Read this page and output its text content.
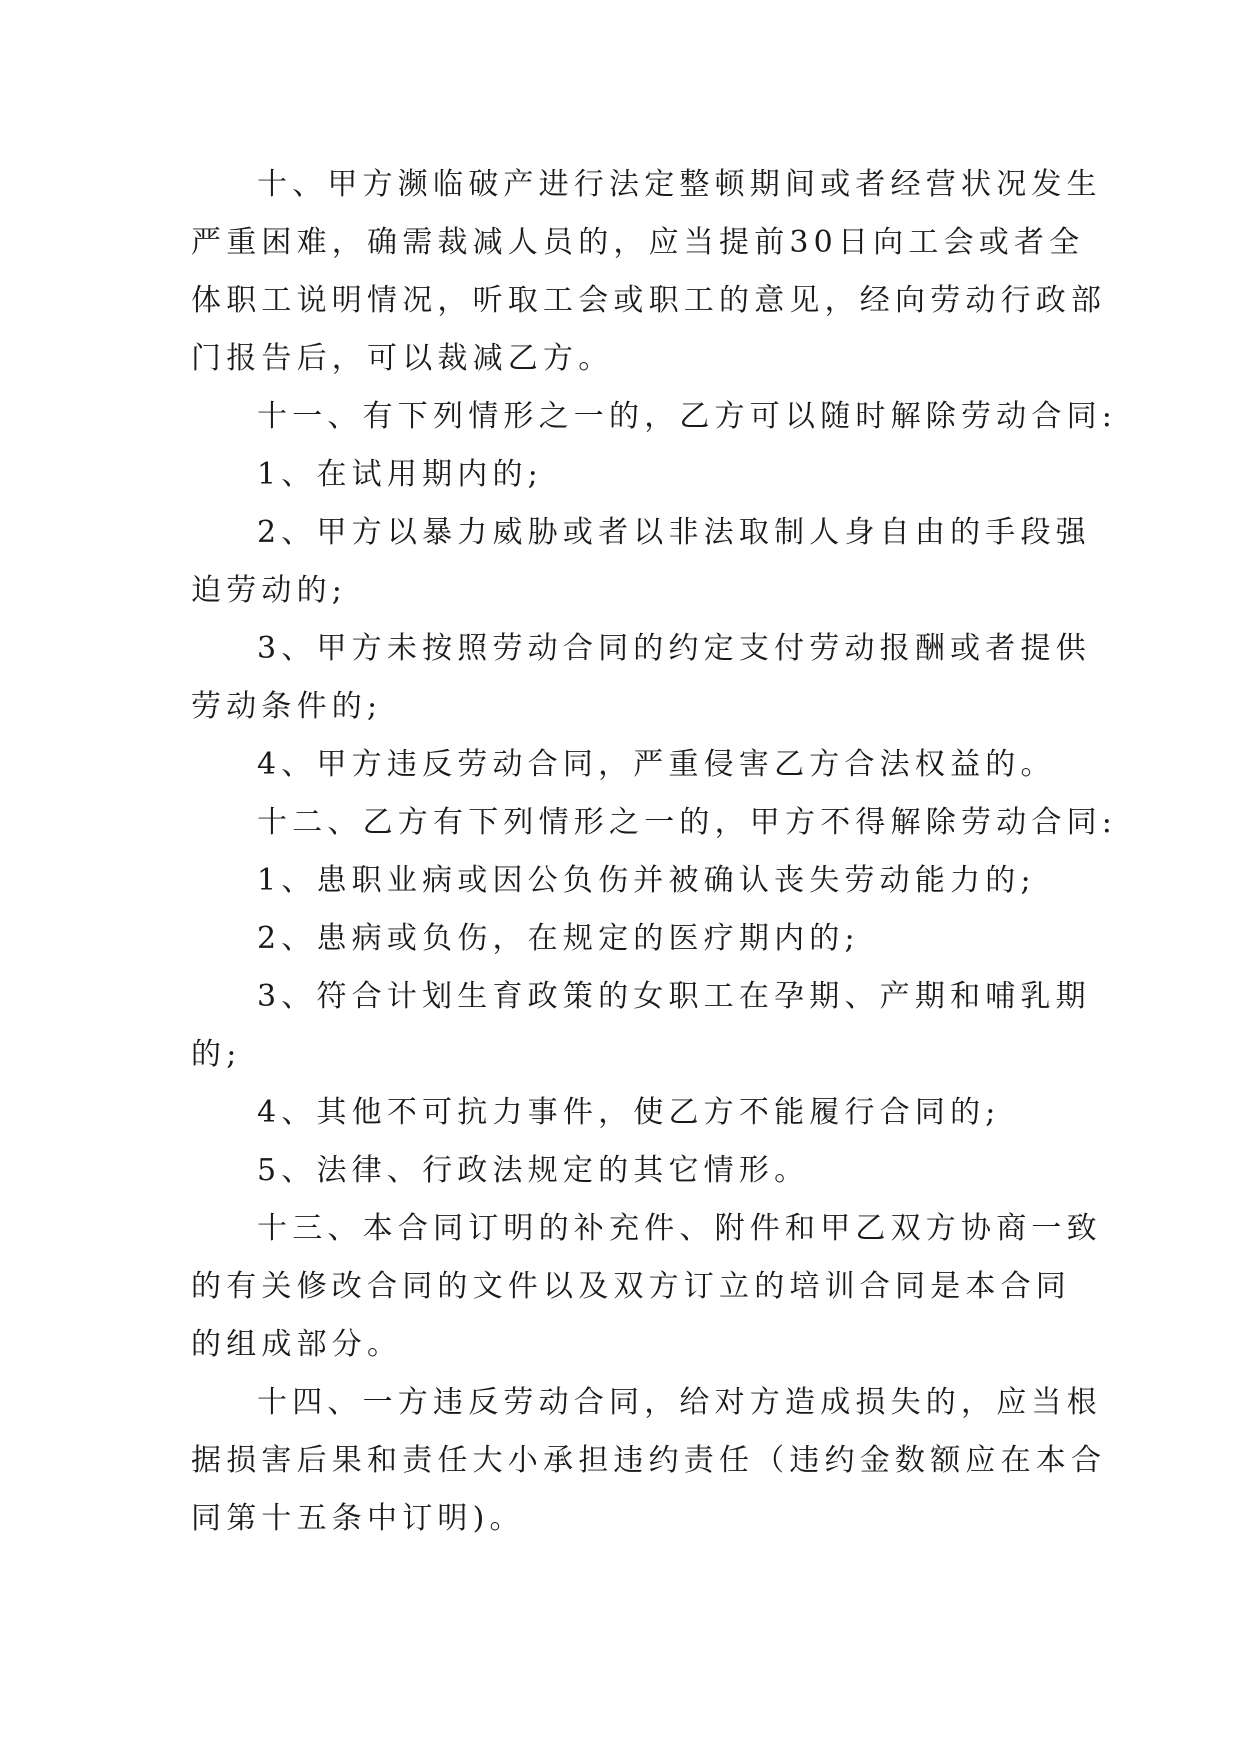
十、甲方濒临破产进行法定整顿期间或者经营状况发生
严重困难，确需裁减人员的，应当提前30日向工会或者全
体职工说明情况，听取工会或职工的意见，经向劳动行政部
门报告后，可以裁减乙方。

十一、有下列情形之一的，乙方可以随时解除劳动合同:

1、在试用期内的;

2、甲方以暴力威胁或者以非法取制人身自由的手段强
迫劳动的;

3、甲方未按照劳动合同的约定支付劳动报酬或者提供
劳动条件的;

4、甲方违反劳动合同，严重侵害乙方合法权益的。

十二、乙方有下列情形之一的，甲方不得解除劳动合同:

1、患职业病或因公负伤并被确认丧失劳动能力的;

2、患病或负伤，在规定的医疗期内的;

3、符合计划生育政策的女职工在孕期、产期和哺乳期
的;

4、其他不可抗力事件，使乙方不能履行合同的;

5、法律、行政法规定的其它情形。

十三、本合同订明的补充件、附件和甲乙双方协商一致
的有关修改合同的文件以及双方订立的培训合同是本合同
的组成部分。

十四、一方违反劳动合同，给对方造成损失的，应当根
据损害后果和责任大小承担违约责任（违约金数额应在本合
同第十五条中订明)。
